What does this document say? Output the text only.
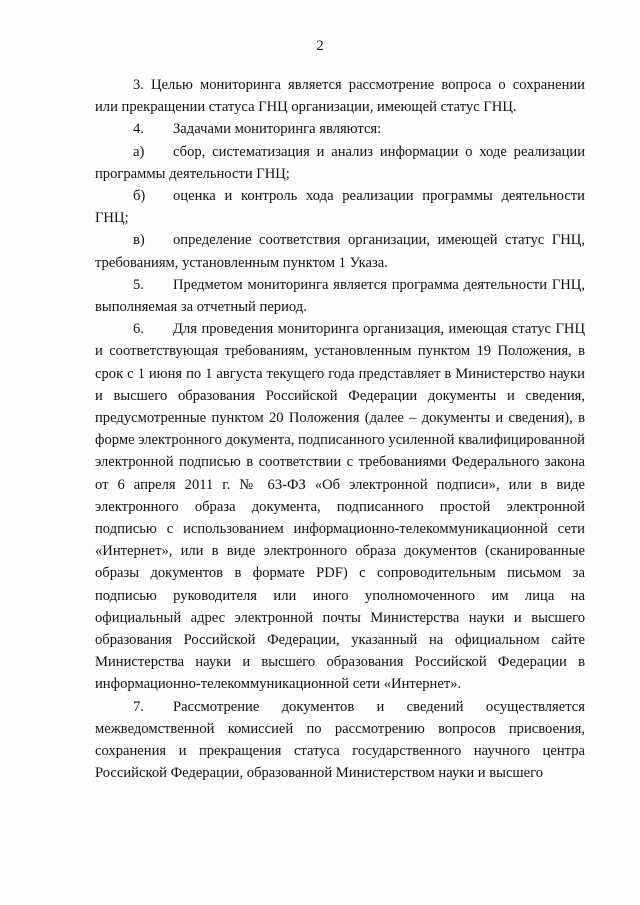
2

3. Целью мониторинга является рассмотрение вопроса о сохранении или прекращении статуса ГНЦ организации, имеющей статус ГНЦ.

4. Задачами мониторинга являются:

а) сбор, систематизация и анализ информации о ходе реализации программы деятельности ГНЦ;

б) оценка и контроль хода реализации программы деятельности ГНЦ;

в) определение соответствия организации, имеющей статус ГНЦ, требованиям, установленным пунктом 1 Указа.

5. Предметом мониторинга является программа деятельности ГНЦ, выполняемая за отчетный период.

6. Для проведения мониторинга организация, имеющая статус ГНЦ и соответствующая требованиям, установленным пунктом 19 Положения, в срок с 1 июня по 1 августа текущего года представляет в Министерство науки и высшего образования Российской Федерации документы и сведения, предусмотренные пунктом 20 Положения (далее – документы и сведения), в форме электронного документа, подписанного усиленной квалифицированной электронной подписью в соответствии с требованиями Федерального закона от 6 апреля 2011 г. № 63-ФЗ «Об электронной подписи», или в виде электронного образа документа, подписанного простой электронной подписью с использованием информационно-телекоммуникационной сети «Интернет», или в виде электронного образа документов (сканированные образы документов в формате PDF) с сопроводительным письмом за подписью руководителя или иного уполномоченного им лица на официальный адрес электронной почты Министерства науки и высшего образования Российской Федерации, указанный на официальном сайте Министерства науки и высшего образования Российской Федерации в информационно-телекоммуникационной сети «Интернет».

7. Рассмотрение документов и сведений осуществляется межведомственной комиссией по рассмотрению вопросов присвоения, сохранения и прекращения статуса государственного научного центра Российской Федерации, образованной Министерством науки и высшего
